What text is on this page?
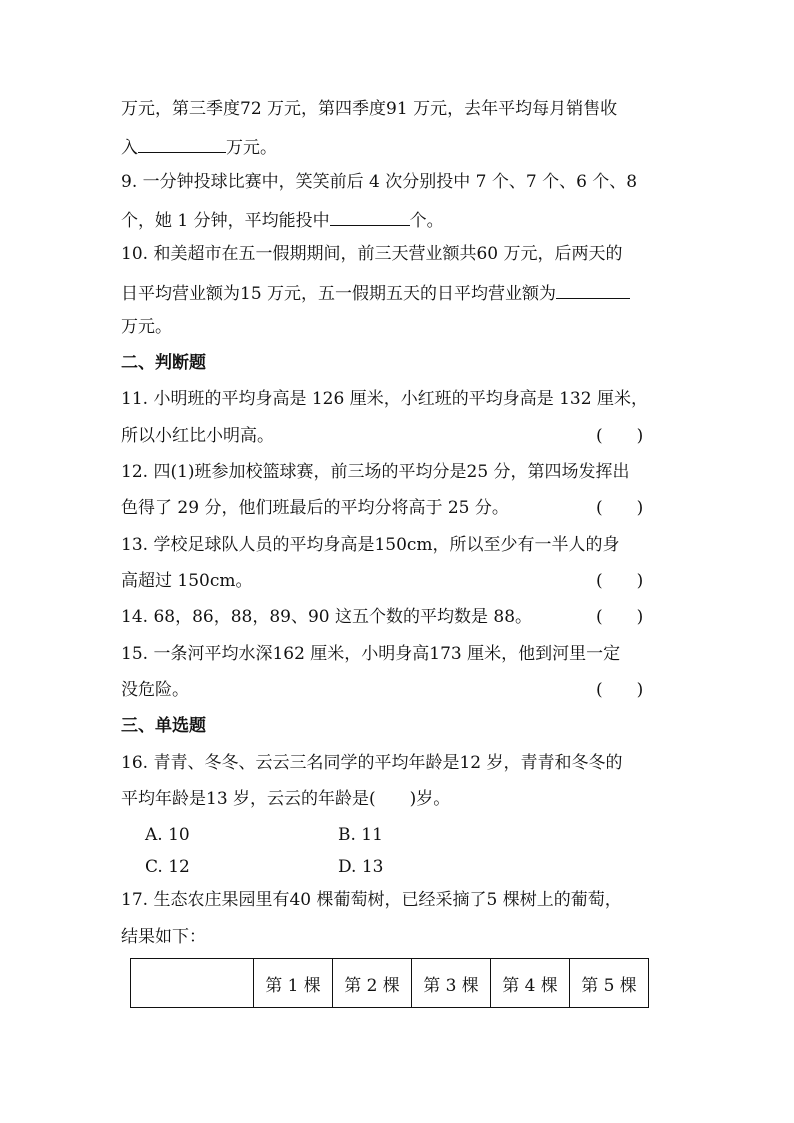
万元，第三季度72 万元，第四季度91 万元，去年平均每月销售收
入	万元。
9. 一分钟投球比赛中，笑笑前后 4 次分别投中 7 个、7 个、6 个、8
个，她 1 分钟，平均能投中	个。
10. 和美超市在五一假期期间，前三天营业额共60 万元，后两天的
日平均营业额为15 万元，五一假期五天的日平均营业额为
万元。
二、判断题
11. 小明班的平均身高是 126 厘米，小红班的平均身高是 132 厘米，
所以小红比小明高。	(　　)
12. 四(1)班参加校篮球赛，前三场的平均分是25 分，第四场发挥出
色得了 29 分，他们班最后的平均分将高于 25 分。	(　　)
13. 学校足球队人员的平均身高是150cm，所以至少有一半人的身
高超过 150cm。	(　　)
14. 68，86，88，89、90 这五个数的平均数是 88。	(　　)
15. 一条河平均水深162 厘米，小明身高173 厘米，他到河里一定
没危险。	(　　)
三、单选题
16. 青青、冬冬、云云三名同学的平均年龄是12 岁，青青和冬冬的
平均年龄是13 岁，云云的年龄是(　　)岁。
A. 10	B. 11
C. 12	D. 13
17. 生态农庄果园里有40 棵葡萄树，已经采摘了5 棵树上的葡萄，
结果如下：
	第 1 棵	第 2 棵	第 3 棵	第 4 棵	第 5 棵
